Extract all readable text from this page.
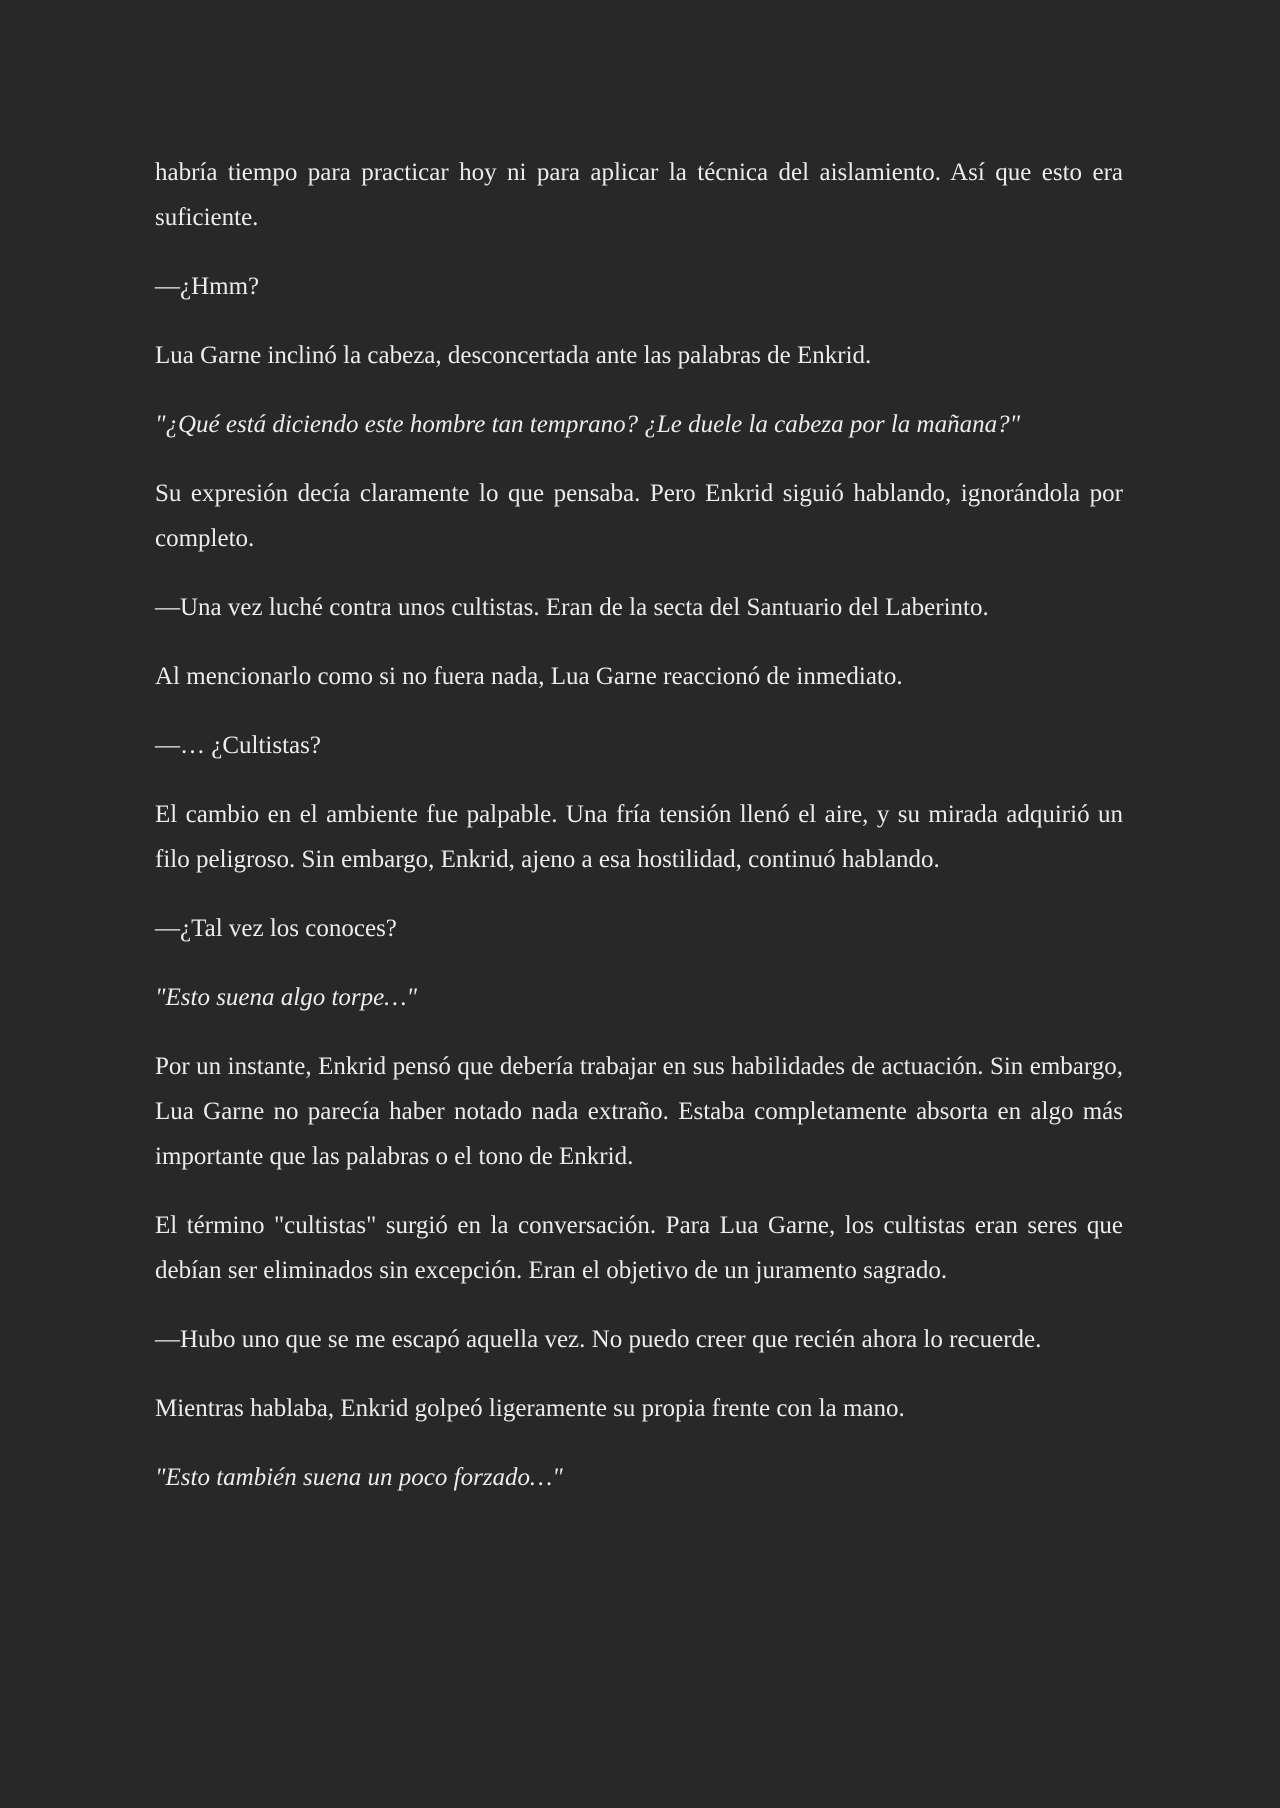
habría tiempo para practicar hoy ni para aplicar la técnica del aislamiento. Así que esto era suficiente.

—¿Hmm?

Lua Garne inclinó la cabeza, desconcertada ante las palabras de Enkrid.

"¿Qué está diciendo este hombre tan temprano? ¿Le duele la cabeza por la mañana?"

Su expresión decía claramente lo que pensaba. Pero Enkrid siguió hablando, ignorándola por completo.

—Una vez luché contra unos cultistas. Eran de la secta del Santuario del Laberinto.

Al mencionarlo como si no fuera nada, Lua Garne reaccionó de inmediato.

—… ¿Cultistas?

El cambio en el ambiente fue palpable. Una fría tensión llenó el aire, y su mirada adquirió un filo peligroso. Sin embargo, Enkrid, ajeno a esa hostilidad, continuó hablando.

—¿Tal vez los conoces?

"Esto suena algo torpe…"

Por un instante, Enkrid pensó que debería trabajar en sus habilidades de actuación. Sin embargo, Lua Garne no parecía haber notado nada extraño. Estaba completamente absorta en algo más importante que las palabras o el tono de Enkrid.

El término "cultistas" surgió en la conversación. Para Lua Garne, los cultistas eran seres que debían ser eliminados sin excepción. Eran el objetivo de un juramento sagrado.

—Hubo uno que se me escapó aquella vez. No puedo creer que recién ahora lo recuerde.

Mientras hablaba, Enkrid golpeó ligeramente su propia frente con la mano.

"Esto también suena un poco forzado…"
